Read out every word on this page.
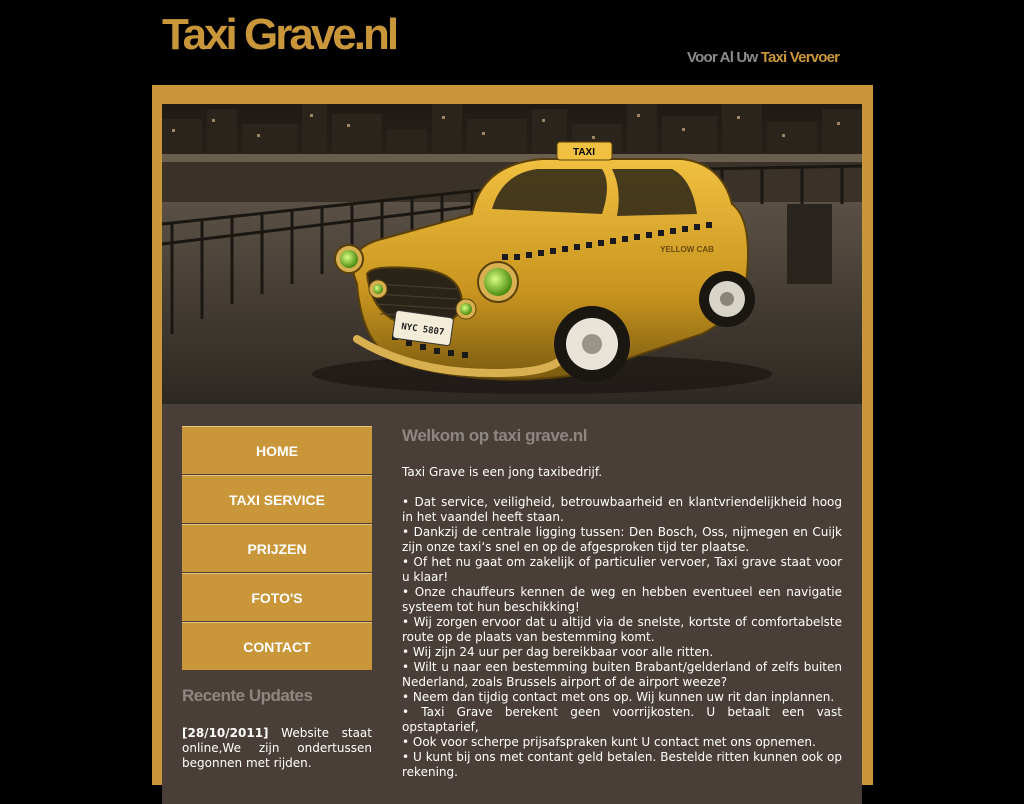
Taxi Grave.nl	Voor Al Uw Taxi Vervoer
TAXI
YELLOW CAB
NYC 5807
HOME
TAXI SERVICE
PRIJZEN
FOTO'S
CONTACT
Recente Updates
[28/10/2011] Website staat online,We zijn ondertussen begonnen met rijden.
Welkom op taxi grave.nl
Taxi Grave is een jong taxibedrijf.
• Dat service, veiligheid, betrouwbaarheid en klantvriendelijkheid hoog in het vaandel heeft staan.
• Dankzij de centrale ligging tussen: Den Bosch, Oss, nijmegen en Cuijk zijn onze taxi‘s snel en op de afgesproken tijd ter plaatse.
• Of het nu gaat om zakelijk of particulier vervoer, Taxi grave staat voor u klaar!
• Onze chauffeurs kennen de weg en hebben eventueel een navigatie systeem tot hun beschikking!
• Wij zorgen ervoor dat u altijd via de snelste, kortste of comfortabelste route op de plaats van bestemming komt.
• Wij zijn 24 uur per dag bereikbaar voor alle ritten.
• Wilt u naar een bestemming buiten Brabant/gelderland of zelfs buiten Nederland, zoals Brussels airport of de airport weeze?
• Neem dan tijdig contact met ons op. Wij kunnen uw rit dan inplannen.
• Taxi Grave berekent geen voorrijkosten. U betaalt een vast opstaptarief,
• Ook voor scherpe prijsafspraken kunt U contact met ons opnemen.
• U kunt bij ons met contant geld betalen. Bestelde ritten kunnen ook op rekening.
